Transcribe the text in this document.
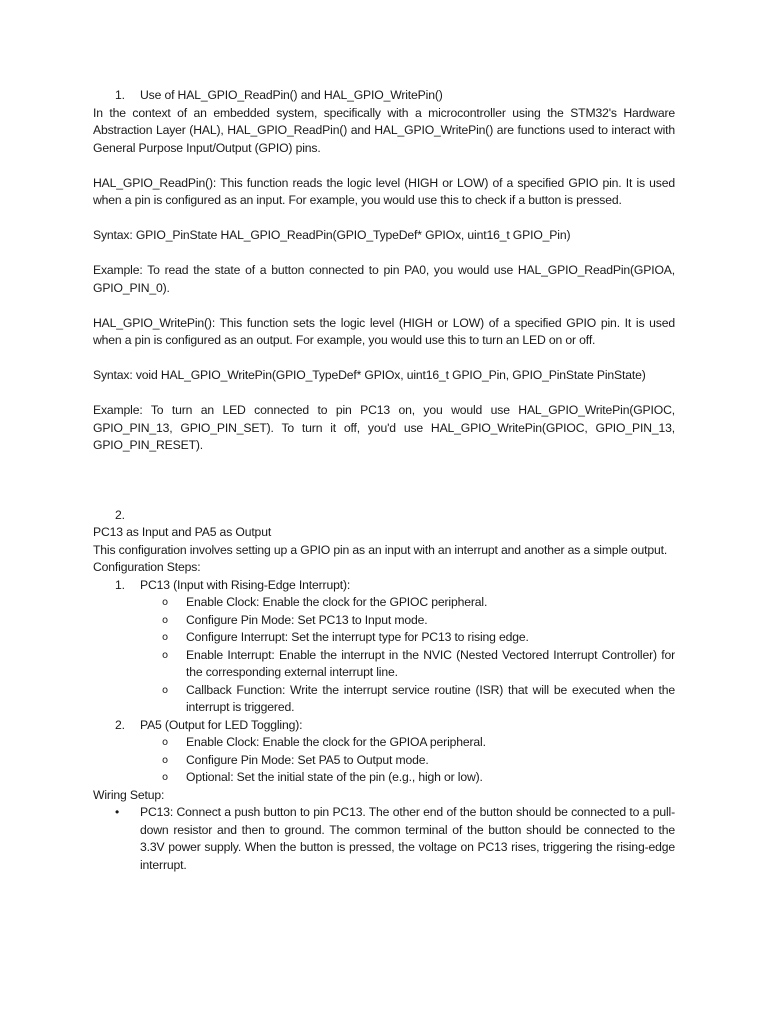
1.	Use of HAL_GPIO_ReadPin() and HAL_GPIO_WritePin()

In the context of an embedded system, specifically with a microcontroller using the STM32's Hardware Abstraction Layer (HAL), HAL_GPIO_ReadPin() and HAL_GPIO_WritePin() are functions used to interact with General Purpose Input/Output (GPIO) pins.

HAL_GPIO_ReadPin(): This function reads the logic level (HIGH or LOW) of a specified GPIO pin. It is used when a pin is configured as an input. For example, you would use this to check if a button is pressed.

Syntax: GPIO_PinState HAL_GPIO_ReadPin(GPIO_TypeDef* GPIOx, uint16_t GPIO_Pin)

Example: To read the state of a button connected to pin PA0, you would use HAL_GPIO_ReadPin(GPIOA, GPIO_PIN_0).

HAL_GPIO_WritePin(): This function sets the logic level (HIGH or LOW) of a specified GPIO pin. It is used when a pin is configured as an output. For example, you would use this to turn an LED on or off.

Syntax: void HAL_GPIO_WritePin(GPIO_TypeDef* GPIOx, uint16_t GPIO_Pin, GPIO_PinState PinState)

Example: To turn an LED connected to pin PC13 on, you would use HAL_GPIO_WritePin(GPIOC, GPIO_PIN_13, GPIO_PIN_SET). To turn it off, you'd use HAL_GPIO_WritePin(GPIOC, GPIO_PIN_13, GPIO_PIN_RESET).

2.

PC13 as Input and PA5 as Output

This configuration involves setting up a GPIO pin as an input with an interrupt and another as a simple output.

Configuration Steps:

1.	PC13 (Input with Rising-Edge Interrupt):
o	Enable Clock: Enable the clock for the GPIOC peripheral.
o	Configure Pin Mode: Set PC13 to Input mode.
o	Configure Interrupt: Set the interrupt type for PC13 to rising edge.
o	Enable Interrupt: Enable the interrupt in the NVIC (Nested Vectored Interrupt Controller) for the corresponding external interrupt line.
o	Callback Function: Write the interrupt service routine (ISR) that will be executed when the interrupt is triggered.
2.	PA5 (Output for LED Toggling):
o	Enable Clock: Enable the clock for the GPIOA peripheral.
o	Configure Pin Mode: Set PA5 to Output mode.
o	Optional: Set the initial state of the pin (e.g., high or low).

Wiring Setup:

•	PC13: Connect a push button to pin PC13. The other end of the button should be connected to a pull-down resistor and then to ground. The common terminal of the button should be connected to the 3.3V power supply. When the button is pressed, the voltage on PC13 rises, triggering the rising-edge interrupt.
